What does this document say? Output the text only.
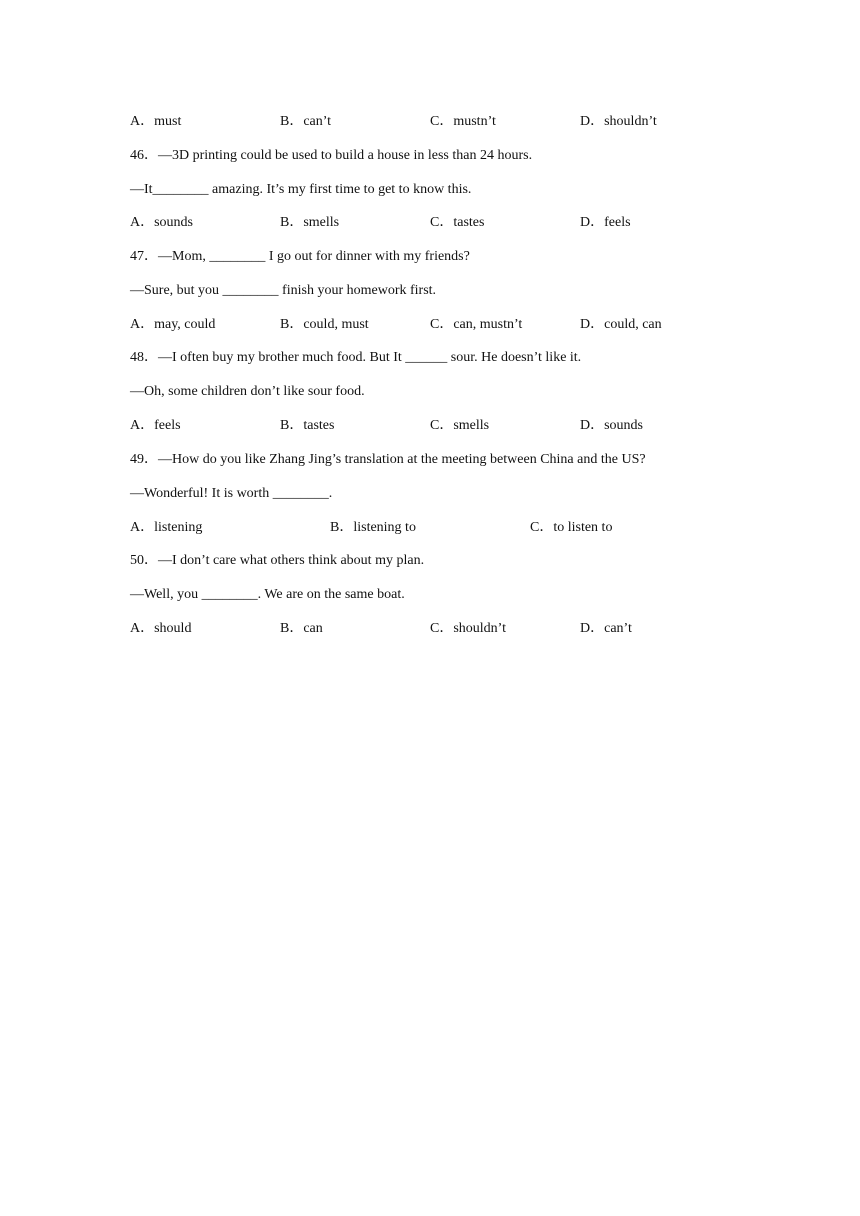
A．must	B．can’t	C．mustn’t	D．shouldn’t
46．—3D printing could be used to build a house in less than 24 hours.
—It________ amazing. It’s my first time to get to know this.
A．sounds	B．smells	C．tastes	D．feels
47．—Mom, ________ I go out for dinner with my friends?
—Sure, but you ________ finish your homework first.
A．may, could	B．could, must	C．can, mustn’t	D．could, can
48．—I often buy my brother much food. But It ______ sour. He doesn’t like it.
—Oh, some children don’t like sour food.
A．feels	B．tastes	C．smells	D．sounds
49．—How do you like Zhang Jing’s translation at the meeting between China and the US?
—Wonderful! It is worth ________.
A．listening	B．listening to	C．to listen to
50．—I don’t care what others think about my plan.
—Well, you ________. We are on the same boat.
A．should	B．can	C．shouldn’t	D．can’t
